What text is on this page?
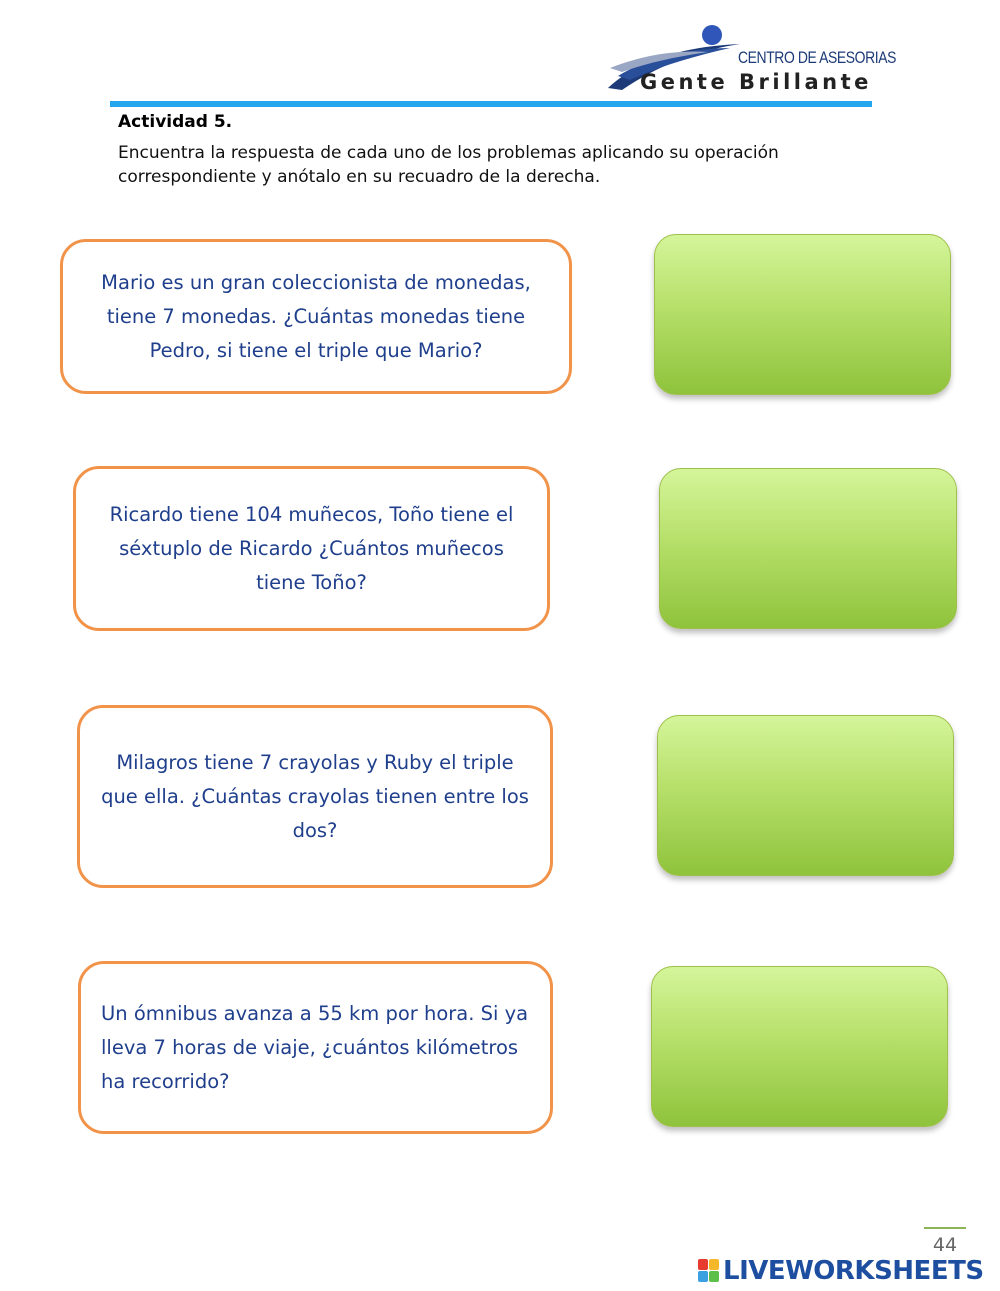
CENTRO DE ASESORIAS
Gente Brillante
Actividad 5.
Encuentra la respuesta de cada uno de los problemas aplicando su operación correspondiente y anótalo en su recuadro de la derecha.
Mario es un gran coleccionista de monedas, tiene 7 monedas. ¿Cuántas monedas tiene Pedro, si tiene el triple que Mario?
Ricardo tiene 104 muñecos, Toño tiene el séxtuplo de Ricardo ¿Cuántos muñecos tiene Toño?
Milagros tiene 7 crayolas y Ruby el triple que ella. ¿Cuántas crayolas tienen entre los dos?
Un ómnibus avanza a 55 km por hora. Si ya lleva 7 horas de viaje, ¿cuántos kilómetros ha recorrido?
44
LIVEWORKSHEETS
